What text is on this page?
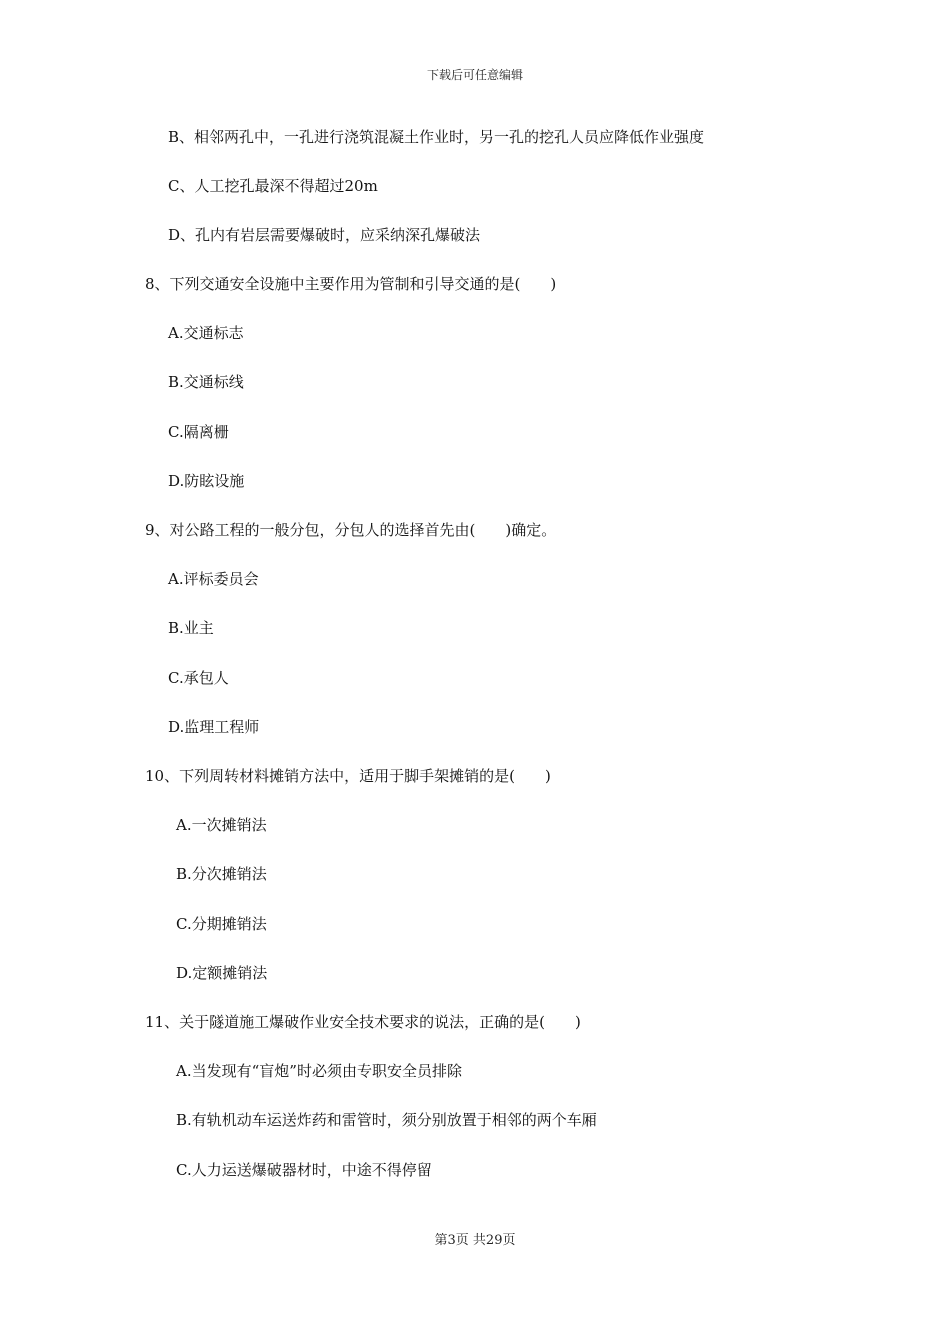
下载后可任意编辑
B、相邻两孔中，一孔进行浇筑混凝土作业时，另一孔的挖孔人员应降低作业强度
C、人工挖孔最深不得超过20m
D、孔内有岩层需要爆破时，应采纳深孔爆破法
8、下列交通安全设施中主要作用为管制和引导交通的是(　　)
A.交通标志
B.交通标线
C.隔离栅
D.防眩设施
9、对公路工程的一般分包，分包人的选择首先由(　　)确定。
A.评标委员会
B.业主
C.承包人
D.监理工程师
10、下列周转材料摊销方法中，适用于脚手架摊销的是(　　)
A.一次摊销法
B.分次摊销法
C.分期摊销法
D.定额摊销法
11、关于隧道施工爆破作业安全技术要求的说法，正确的是(　　)
A.当发现有“盲炮”时必须由专职安全员排除
B.有轨机动车运送炸药和雷管时，须分别放置于相邻的两个车厢
C.人力运送爆破器材时，中途不得停留
第3页 共29页
